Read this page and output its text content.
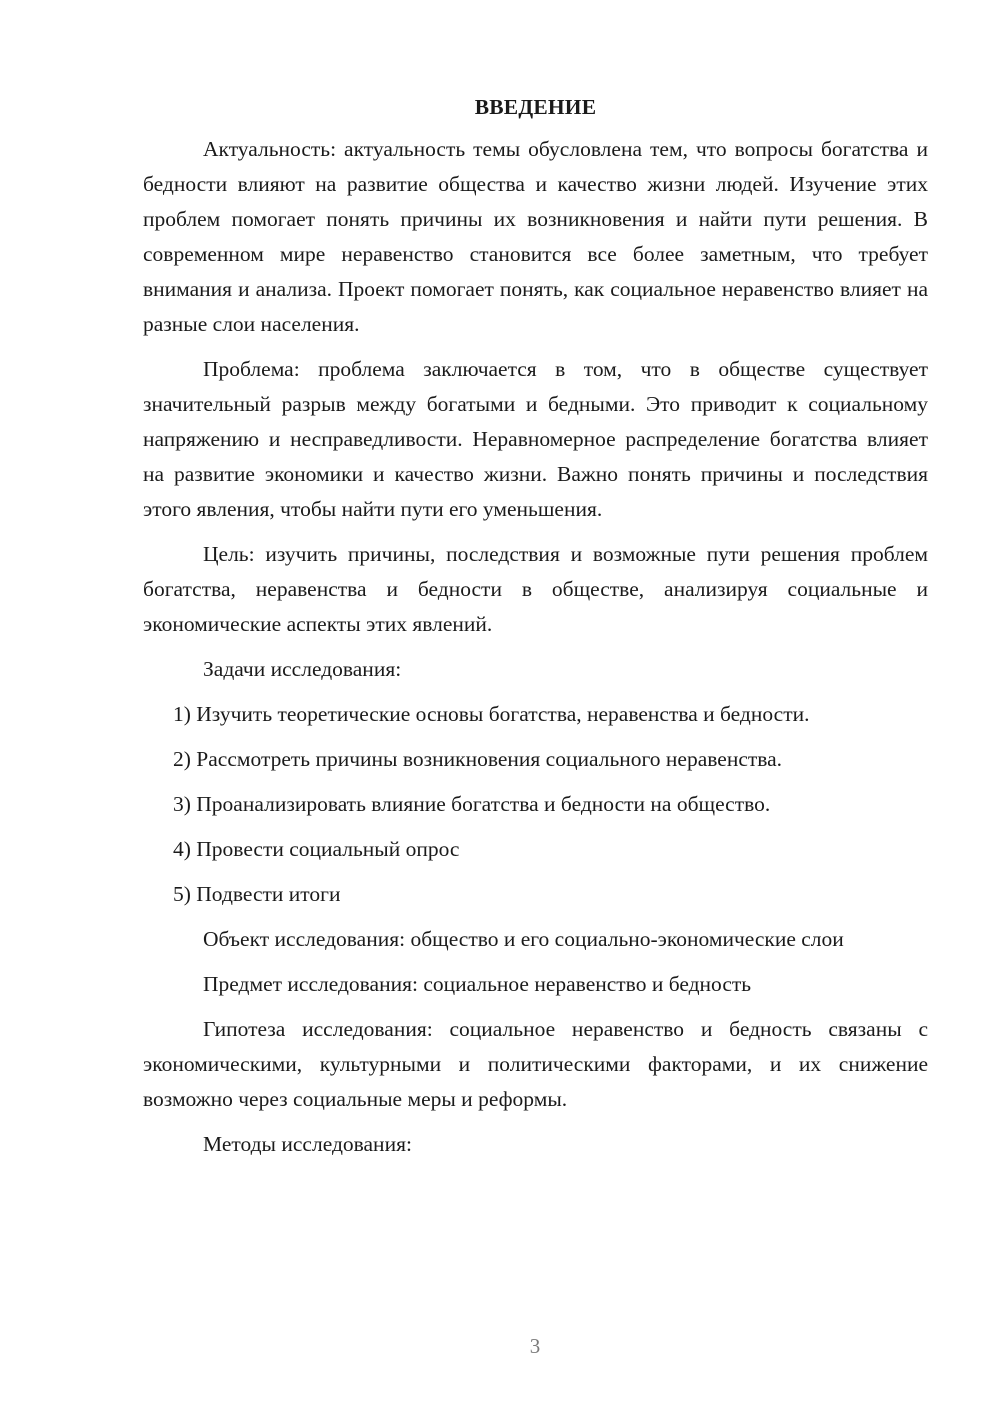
ВВЕДЕНИЕ

Актуальность: актуальность темы обусловлена тем, что вопросы богатства и бедности влияют на развитие общества и качество жизни людей. Изучение этих проблем помогает понять причины их возникновения и найти пути решения. В современном мире неравенство становится все более заметным, что требует внимания и анализа. Проект помогает понять, как социальное неравенство влияет на разные слои населения.

Проблема: проблема заключается в том, что в обществе существует значительный разрыв между богатыми и бедными. Это приводит к социальному напряжению и несправедливости. Неравномерное распределение богатства влияет на развитие экономики и качество жизни. Важно понять причины и последствия этого явления, чтобы найти пути его уменьшения.

Цель: изучить причины, последствия и возможные пути решения проблем богатства, неравенства и бедности в обществе, анализируя социальные и экономические аспекты этих явлений.

Задачи исследования:

1) Изучить теоретические основы богатства, неравенства и бедности.

2) Рассмотреть причины возникновения социального неравенства.

3) Проанализировать влияние богатства и бедности на общество.

4) Провести социальный опрос

5) Подвести итоги

Объект исследования: общество и его социально-экономические слои

Предмет исследования: социальное неравенство и бедность

Гипотеза исследования: социальное неравенство и бедность связаны с экономическими, культурными и политическими факторами, и их снижение возможно через социальные меры и реформы.

Методы исследования:

3
